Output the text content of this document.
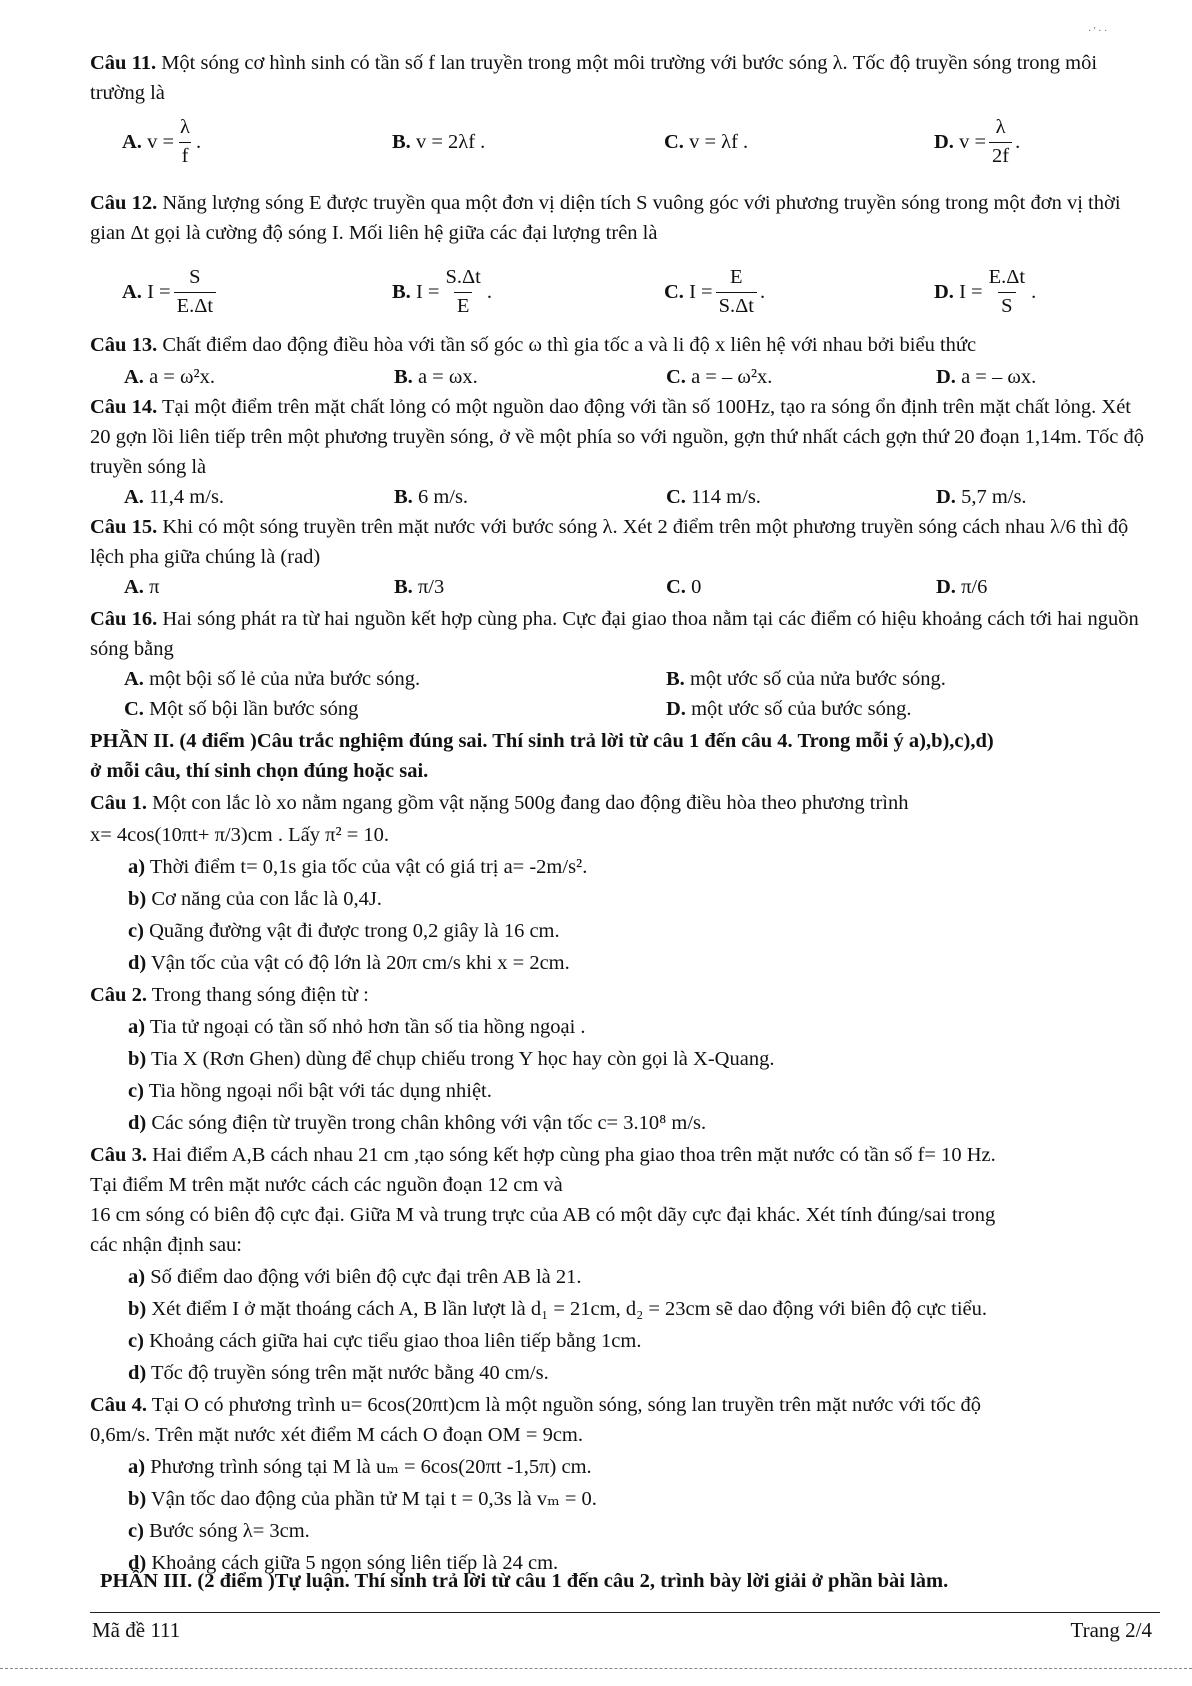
· ' · ·
Câu 11. Một sóng cơ hình sinh có tần số f lan truyền trong một môi trường với bước sóng λ. Tốc độ truyền sóng trong môi trường là
A.
$v = \frac{\lambda}{f}$ .	B.
v = 2λf .	C.
v = λf .	D.
$v = \frac{\lambda}{2f}$ .
Câu 12. Năng lượng sóng E được truyền qua một đơn vị diện tích S vuông góc với phương truyền sóng trong một đơn vị thời gian Δt gọi là cường độ sóng I. Mối liên hệ giữa các đại lượng trên là
A.
$I = \frac{S}{E.\Delta t}$	B.
$I = \frac{S.\Delta t}{E}$ .	C.
$I = \frac{E}{S.\Delta t}$ .	D.
$I = \frac{E.\Delta t}{S}$ .
Câu 13. Chất điểm dao động điều hòa với tần số góc ω thì gia tốc a và li độ x liên hệ với nhau bởi biểu thức
A. a = ω²x.	B. a = ωx.	C. a = – ω²x.	D. a = – ωx.
Câu 14. Tại một điểm trên mặt chất lỏng có một nguồn dao động với tần số 100Hz, tạo ra sóng ổn định trên mặt chất lỏng. Xét 20 gợn lồi liên tiếp trên một phương truyền sóng, ở về một phía so với nguồn, gợn thứ nhất cách gợn thứ 20 đoạn 1,14m. Tốc độ truyền sóng là
A. 11,4 m/s.	B. 6 m/s.	C. 114 m/s.	D. 5,7 m/s.
Câu 15. Khi có một sóng truyền trên mặt nước với bước sóng λ. Xét 2 điểm trên một phương truyền sóng cách nhau λ/6 thì độ lệch pha giữa chúng là (rad)
A. π	B. π/3	C. 0	D. π/6
Câu 16. Hai sóng phát ra từ hai nguồn kết hợp cùng pha. Cực đại giao thoa nằm tại các điểm có hiệu khoảng cách tới hai nguồn sóng bằng
A. một bội số lẻ của nửa bước sóng.	B. một ước số của nửa bước sóng.
C. Một số bội lần bước sóng	D. một ước số của bước sóng.
PHẦN II. (4 điểm )Câu trắc nghiệm đúng sai. Thí sinh trả lời từ câu 1 đến câu 4. Trong mỗi ý a),b),c),d)
ở mỗi câu, thí sinh chọn đúng hoặc sai.
Câu 1. Một con lắc lò xo nằm ngang gồm vật nặng 500g đang dao động điều hòa theo phương trình
x= 4cos(10πt+ π/3)cm . Lấy π² = 10.
a) Thời điểm t= 0,1s gia tốc của vật có giá trị a= -2m/s².
b) Cơ năng của con lắc là 0,4J.
c) Quãng đường vật đi được trong 0,2 giây là 16 cm.
d) Vận tốc của vật có độ lớn là 20π cm/s khi x = 2cm.
Câu 2. Trong thang sóng điện từ :
a) Tia tử ngoại có tần số nhỏ hơn tần số tia hồng ngoại .
b) Tia X (Rơn Ghen) dùng để chụp chiếu trong Y học hay còn gọi là X-Quang.
c) Tia hồng ngoại nổi bật với tác dụng nhiệt.
d) Các sóng điện từ truyền trong chân không với vận tốc c= 3.10⁸ m/s.
Câu 3. Hai điểm A,B cách nhau 21 cm ,tạo sóng kết hợp cùng pha giao thoa trên mặt nước có tần số f= 10 Hz.
Tại điểm M trên mặt nước cách các nguồn đoạn 12 cm và
16 cm sóng có biên độ cực đại. Giữa M và trung trực của AB có một dãy cực đại khác. Xét tính đúng/sai trong
các nhận định sau:
a) Số điểm dao động với biên độ cực đại trên AB là 21.
b) Xét điểm I ở mặt thoáng cách A, B lần lượt là d₁ = 21cm, d₂ = 23cm sẽ dao động với biên độ cực tiểu.
c) Khoảng cách giữa hai cực tiểu giao thoa liên tiếp bằng 1cm.
d) Tốc độ truyền sóng trên mặt nước bằng 40 cm/s.
Câu 4. Tại O có phương trình u= 6cos(20πt)cm là một nguồn sóng, sóng lan truyền trên mặt nước với tốc độ
0,6m/s. Trên mặt nước xét điểm M cách O đoạn OM = 9cm.
a) Phương trình sóng tại M là uₘ = 6cos(20πt -1,5π) cm.
b) Vận tốc dao động của phần tử M tại t = 0,3s là vₘ = 0.
c) Bước sóng λ= 3cm.
d) Khoảng cách giữa 5 ngọn sóng liên tiếp là 24 cm.
PHẦN III. (2 điểm )Tự luận. Thí sinh trả lời từ câu 1 đến câu 2, trình bày lời giải ở phần bài làm.
Mã đề 111	Trang 2/4
